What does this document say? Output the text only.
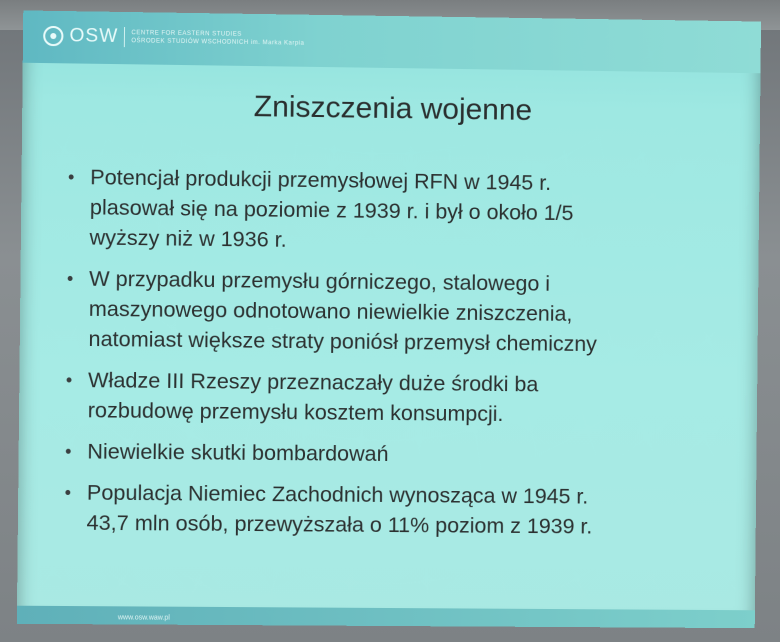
OSW CENTRE FOR EASTERN STUDIES
OŚRODEK STUDIÓW WSCHODNICH im. Marka Karpia
Zniszczenia wojenne
• Potencjał produkcji przemysłowej RFN w 1945 r.
plasował się na poziomie z 1939 r. i był o około 1/5
wyższy niż w 1936 r.
• W przypadku przemysłu górniczego, stalowego i
maszynowego odnotowano niewielkie zniszczenia,
natomiast większe straty poniósł przemysł chemiczny
• Władze III Rzeszy przeznaczały duże środki ba
rozbudowę przemysłu kosztem konsumpcji.
• Niewielkie skutki bombardowań
• Populacja Niemiec Zachodnich wynosząca w 1945 r.
43,7 mln osób, przewyższała o 11% poziom z 1939 r.
www.osw.waw.pl
